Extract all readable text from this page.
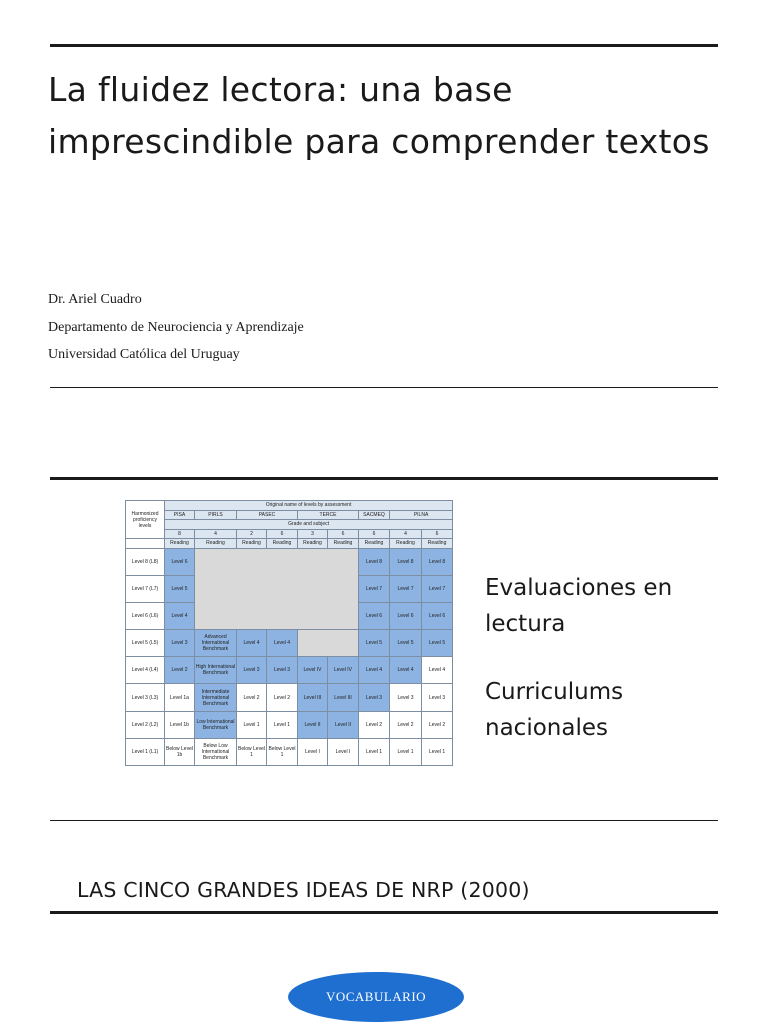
La fluidez lectora: una base imprescindible para comprender textos
Dr. Ariel Cuadro
Departamento de Neurociencia y Aprendizaje
Universidad Católica del Uruguay
Harmonized proficiency levels	Original name of levels by assessment								
	PISA	PIRLS	PASEC		TERCE		SACMEQ	PILNA	
	Grade and subject								
	8	4	2	6	3	6	6	4	6
	Reading	Reading	Reading	Reading	Reading	Reading	Reading	Reading	Reading
Level 8 (L8)	Level 6						Level 8	Level 8	Level 8
Level 7 (L7)	Level 5						Level 7	Level 7	Level 7
Level 6 (L6)	Level 4						Level 6	Level 6	Level 6
Level 5 (L5)	Level 3	Advanced International Benchmark	Level 4	Level 4			Level 5	Level 5	Level 5
Level 4 (L4)	Level 2	High International Benchmark	Level 3	Level 3	Level IV	Level IV	Level 4	Level 4	Level 4
Level 3 (L3)	Level 1a	Intermediate International Benchmark	Level 2	Level 2	Level III	Level III	Level 3	Level 3	Level 3
Level 2 (L2)	Level 1b	Low International Benchmark	Level 1	Level 1	Level II	Level II	Level 2	Level 2	Level 2
Level 1 (L1)	Below Level 1b	Below Low International Benchmark	Below Level 1	Below Level 1	Level I	Level I	Level 1	Level 1	Level 1

Evaluaciones en lectura

Curriculums nacionales

LAS CINCO GRANDES IDEAS DE NRP (2000)
VOCABULARIO
